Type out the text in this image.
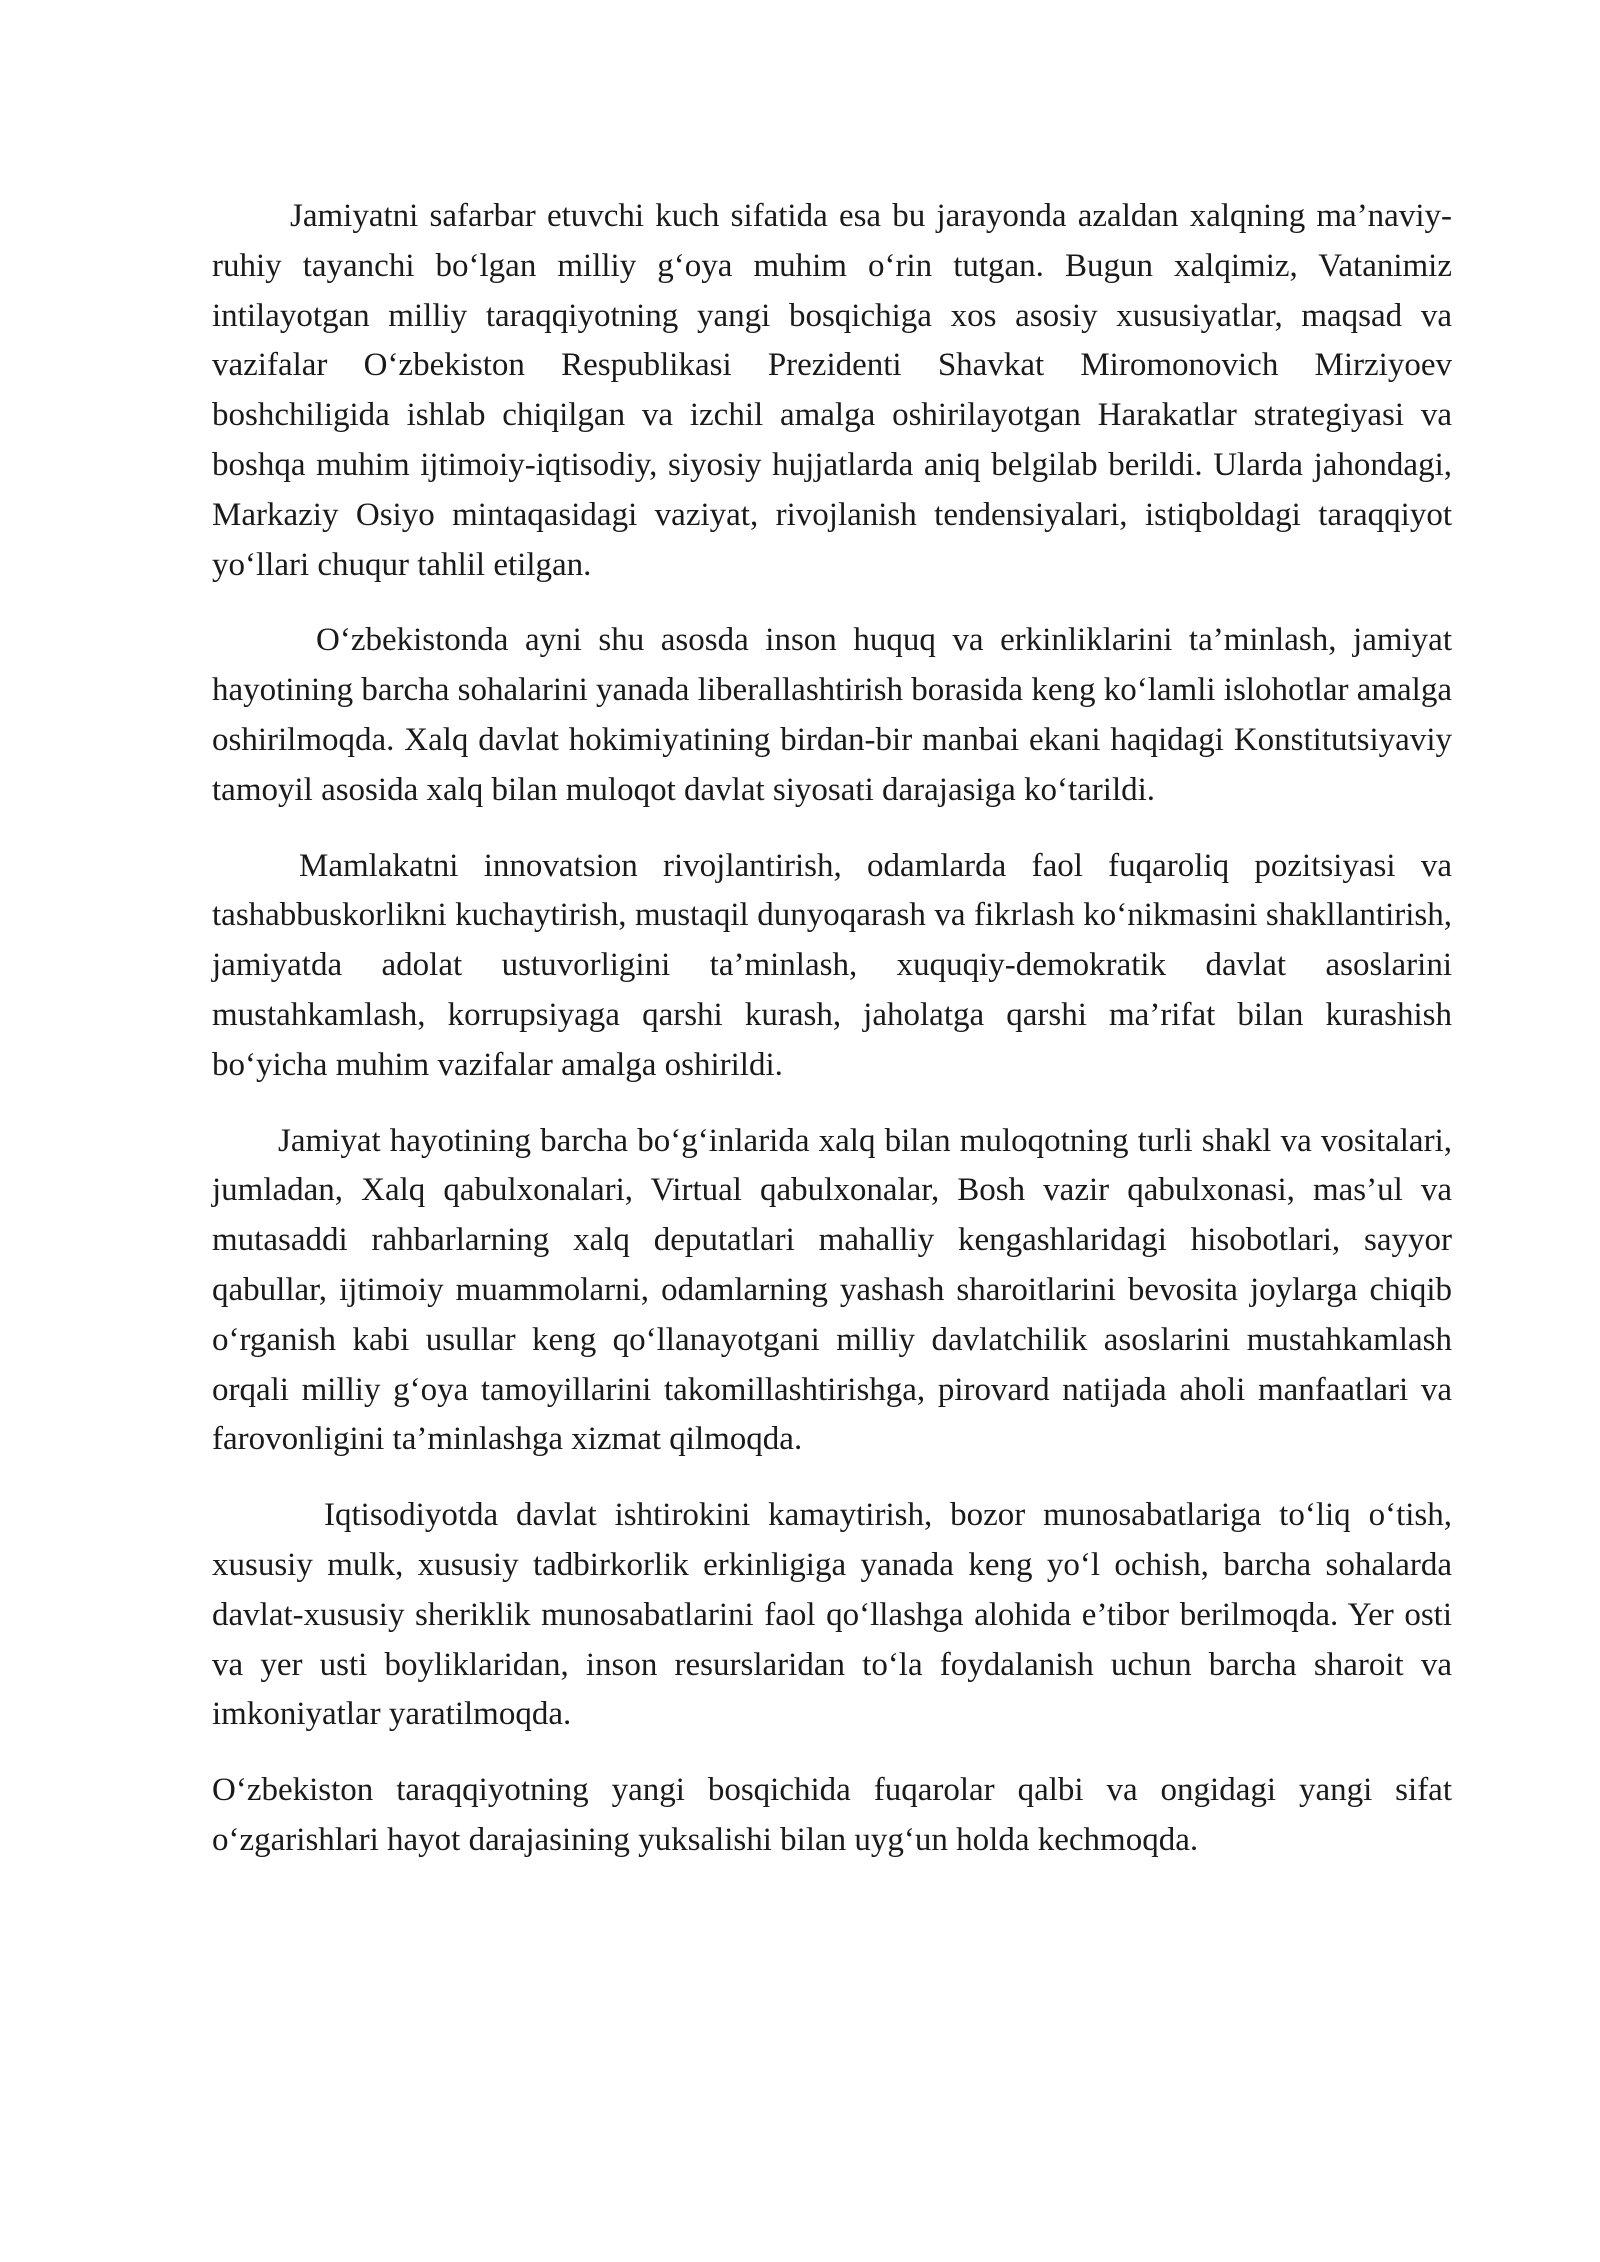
Jamiyatni safarbar etuvchi kuch sifatida esa bu jarayonda azaldan xalqning ma’naviy-ruhiy tayanchi bo‘lgan milliy g‘oya muhim o‘rin tutgan. Bugun xalqimiz, Vatanimiz intilayotgan milliy taraqqiyotning yangi bosqichiga xos asosiy xususiyatlar, maqsad va vazifalar O‘zbekiston Respublikasi Prezidenti Shavkat Miromonovich Mirziyoev boshchiligida ishlab chiqilgan va izchil amalga oshirilayotgan Harakatlar strategiyasi va boshqa muhim ijtimoiy-iqtisodiy, siyosiy hujjatlarda aniq belgilab berildi. Ularda jahondagi, Markaziy Osiyo mintaqasidagi vaziyat, rivojlanish tendensiyalari, istiqboldagi taraqqiyot yo‘llari chuqur tahlil etilgan.

O‘zbekistonda ayni shu asosda inson huquq va erkinliklarini ta’minlash, jamiyat hayotining barcha sohalarini yanada liberallashtirish borasida keng ko‘lamli islohotlar amalga oshirilmoqda. Xalq davlat hokimiyatining birdan-bir manbai ekani haqidagi Konstitutsiyaviy tamoyil asosida xalq bilan muloqot davlat siyosati darajasiga ko‘tarildi.

Mamlakatni innovatsion rivojlantirish, odamlarda faol fuqaroliq pozitsiyasi va tashabbuskorlikni kuchaytirish, mustaqil dunyoqarash va fikrlash ko‘nikmasini shakllantirish, jamiyatda adolat ustuvorligini ta’minlash, xuquqiy-demokratik davlat asoslarini mustahkamlash, korrupsiyaga qarshi kurash, jaholatga qarshi ma’rifat bilan kurashish bo‘yicha muhim vazifalar amalga oshirildi.

Jamiyat hayotining barcha bo‘g‘inlarida xalq bilan muloqotning turli shakl va vositalari, jumladan, Xalq qabulxonalari, Virtual qabulxonalar, Bosh vazir qabulxonasi, mas’ul va mutasaddi rahbarlarning xalq deputatlari mahalliy kengashlaridagi hisobotlari, sayyor qabullar, ijtimoiy muammolarni, odamlarning yashash sharoitlarini bevosita joylarga chiqib o‘rganish kabi usullar keng qo‘llanayotgani milliy davlatchilik asoslarini mustahkamlash orqali milliy g‘oya tamoyillarini takomillashtirishga, pirovard natijada aholi manfaatlari va farovonligini ta’minlashga xizmat qilmoqda.

Iqtisodiyotda davlat ishtirokini kamaytirish, bozor munosabatlariga to‘liq o‘tish, xususiy mulk, xususiy tadbirkorlik erkinligiga yanada keng yo‘l ochish, barcha sohalarda davlat-xususiy sheriklik munosabatlarini faol qo‘llashga alohida e’tibor berilmoqda. Yer osti va yer usti boyliklaridan, inson resurslaridan to‘la foydalanish uchun barcha sharoit va imkoniyatlar yaratilmoqda.

O‘zbekiston taraqqiyotning yangi bosqichida fuqarolar qalbi va ongidagi yangi sifat o‘zgarishlari hayot darajasining yuksalishi bilan uyg‘un holda kechmoqda.
